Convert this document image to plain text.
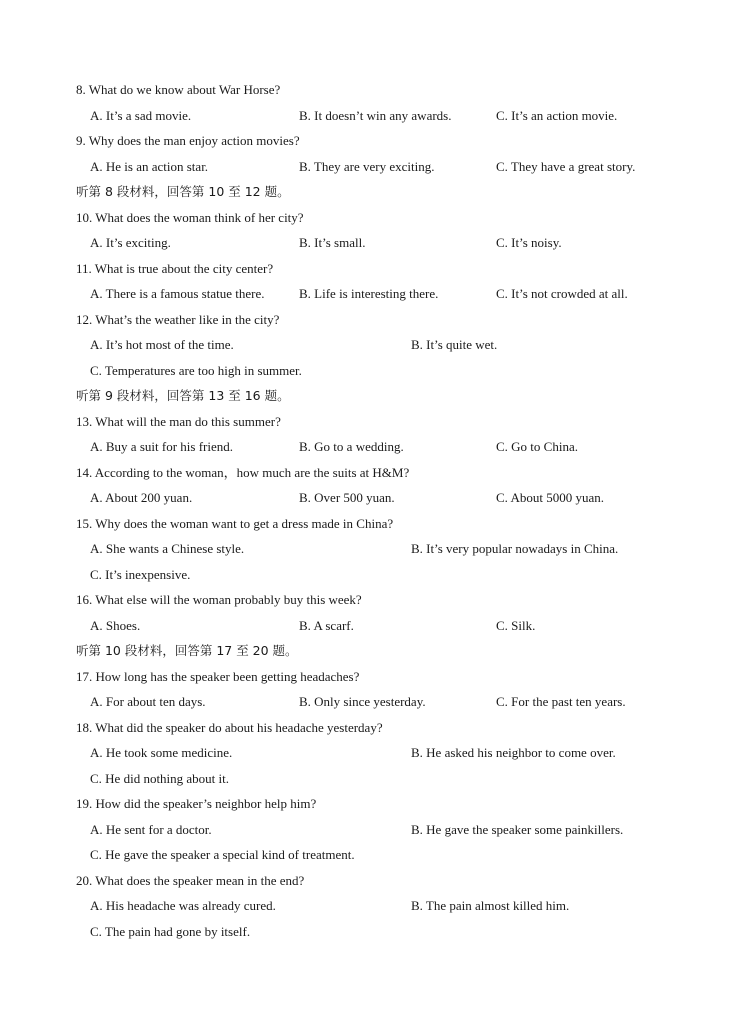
8. What do we know about War Horse?
A. It’s a sad movie.	B. It doesn’t win any awards.	C. It’s an action movie.
9. Why does the man enjoy action movies?
A. He is an action star.	B. They are very exciting.	C. They have a great story.
听第 8 段材料，回答第 10 至 12 题。
10. What does the woman think of her city?
A. It’s exciting.	B. It’s small.	C. It’s noisy.
11. What is true about the city center?
A. There is a famous statue there.	B. Life is interesting there.	C. It’s not crowded at all.
12. What’s the weather like in the city?
A. It’s hot most of the time.	B. It’s quite wet.
C. Temperatures are too high in summer.
听第 9 段材料，回答第 13 至 16 题。
13. What will the man do this summer?
A. Buy a suit for his friend.	B. Go to a wedding.	C. Go to China.
14. According to the woman，how much are the suits at H&M?
A. About 200 yuan.	B. Over 500 yuan.	C. About 5000 yuan.
15. Why does the woman want to get a dress made in China?
A. She wants a Chinese style.	B. It’s very popular nowadays in China.
C. It’s inexpensive.
16. What else will the woman probably buy this week?
A. Shoes.	B. A scarf.	C. Silk.
听第 10 段材料，回答第 17 至 20 题。
17. How long has the speaker been getting headaches?
A. For about ten days.	B. Only since yesterday.	C. For the past ten years.
18. What did the speaker do about his headache yesterday?
A. He took some medicine.	B. He asked his neighbor to come over.
C. He did nothing about it.
19. How did the speaker’s neighbor help him?
A. He sent for a doctor.	B. He gave the speaker some painkillers.
C. He gave the speaker a special kind of treatment.
20. What does the speaker mean in the end?
A. His headache was already cured.	B. The pain almost killed him.
C. The pain had gone by itself.
